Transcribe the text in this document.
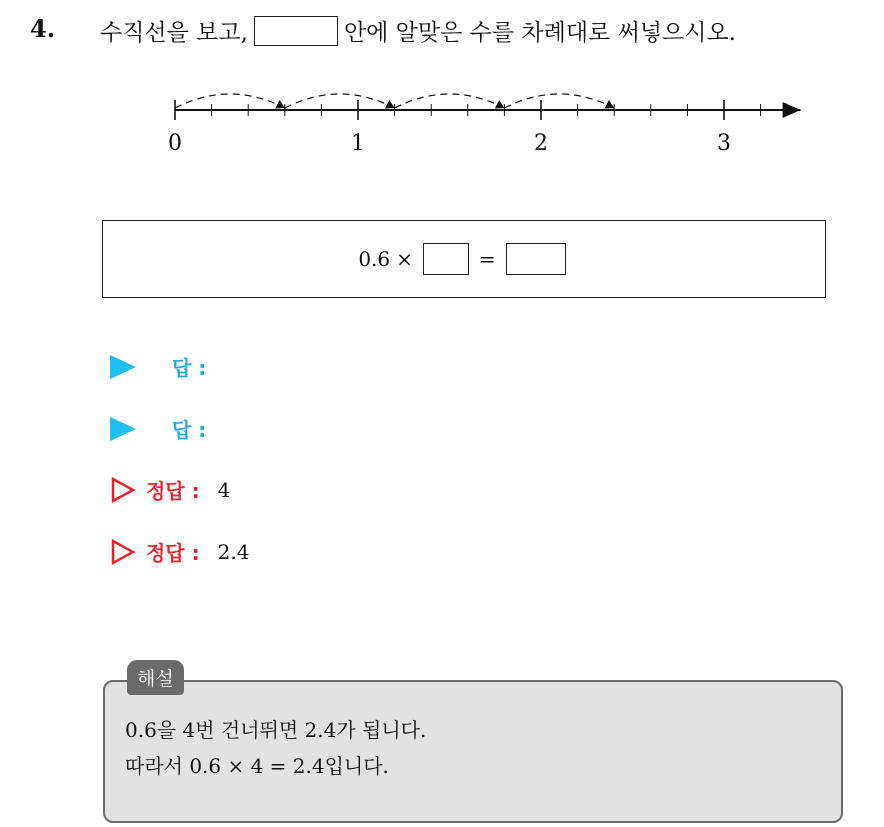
4. 수직선을 보고,	안에 알맞은 수를 차례대로 써넣으시오.
0	1	2	3
0.6 ×	=
답 :
답 :
정답 : 4
정답 : 2.4
해설
0.6을 4번 건너뛰면 2.4가 됩니다.
따라서 0.6 × 4 = 2.4입니다.
